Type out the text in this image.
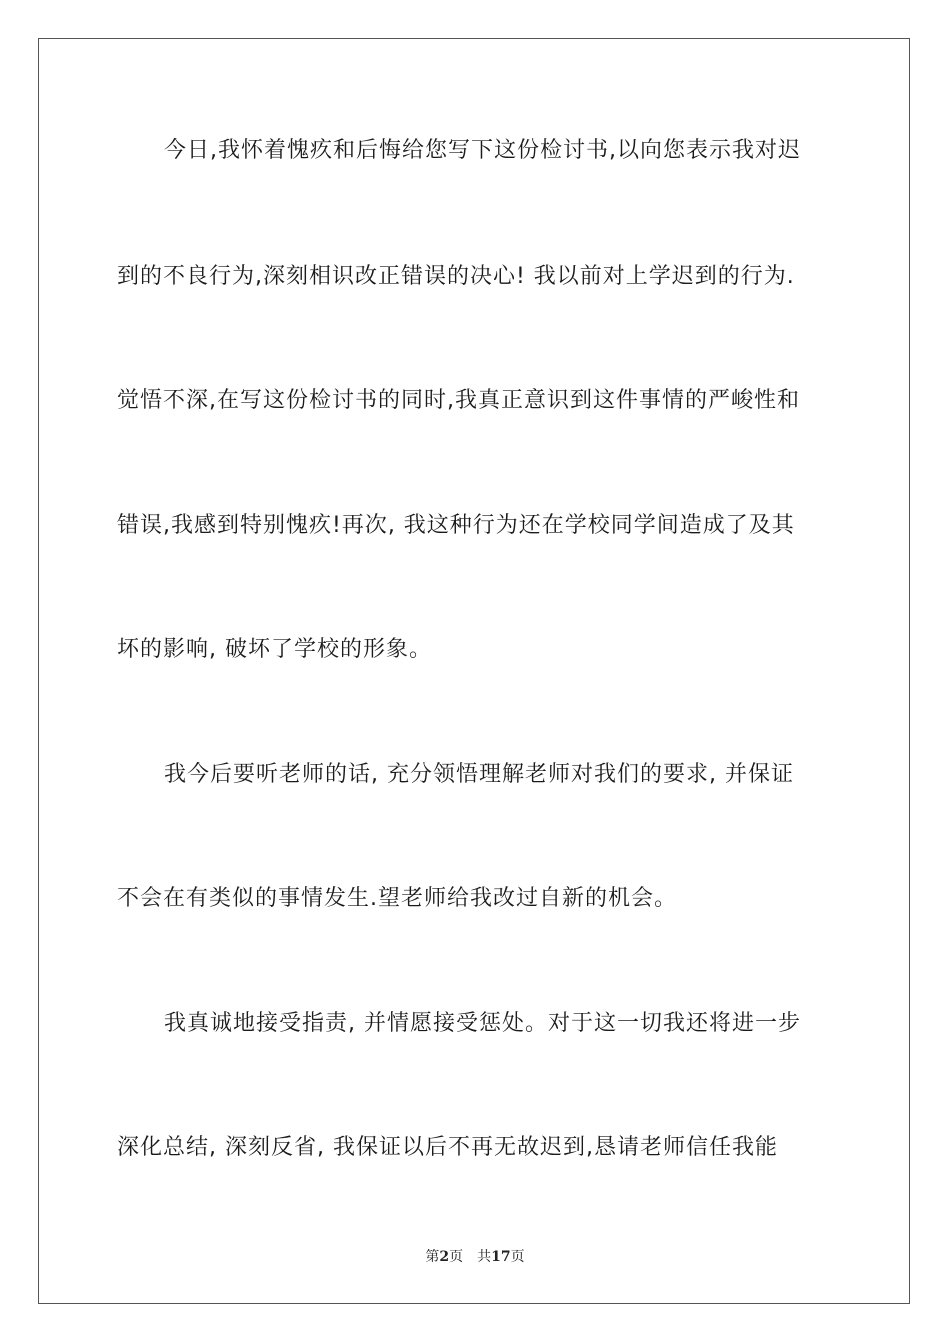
今日,我怀着愧疚和后悔给您写下这份检讨书,以向您表示我对迟
到的不良行为,深刻相识改正错误的决心! 我以前对上学迟到的行为.
觉悟不深,在写这份检讨书的同时,我真正意识到这件事情的严峻性和
错误,我感到特别愧疚!再次, 我这种行为还在学校同学间造成了及其
坏的影响, 破坏了学校的形象。
我今后要听老师的话, 充分领悟理解老师对我们的要求, 并保证
不会在有类似的事情发生.望老师给我改过自新的机会。
我真诚地接受指责, 并情愿接受惩处。对于这一切我还将进一步
深化总结, 深刻反省, 我保证以后不再无故迟到,恳请老师信任我能
第2页 共17页
